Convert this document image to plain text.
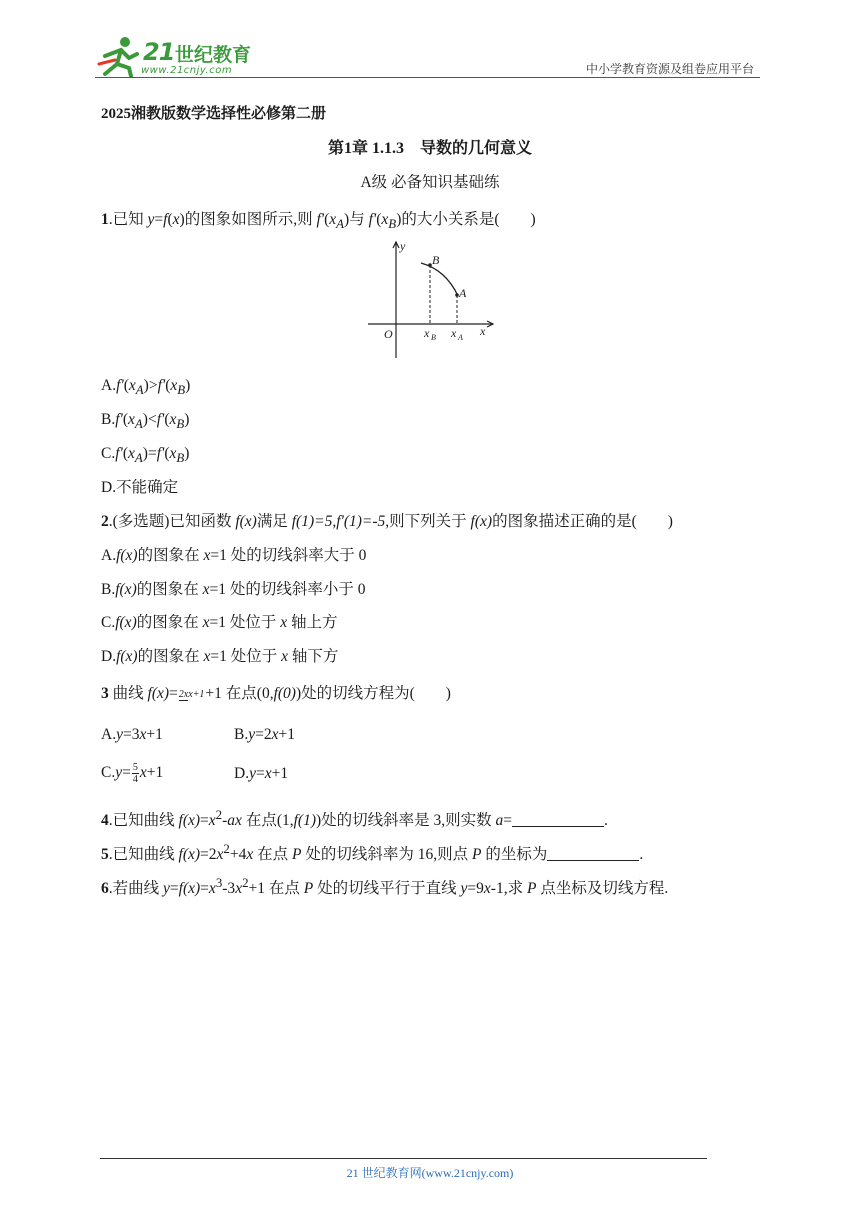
21 世纪教育
www.21cnjy.com	中小学教育资源及组卷应用平台
2025湘教版数学选择性必修第二册
第1章 1.1.3　导数的几何意义
A级 必备知识基础练
1.已知 y=f(x)的图象如图所示,则 $f'(x_A)$与 $f'(x_B)$的大小关系是(　　)
y
x
O
B
A
x B x A
$A.f'(x_A)>f'(x_B)$
$B.f'(x_A)<f'(x_B)$
$C.f'(x_A)=f'(x_B)$
D.不能确定
2.(多选题)已知函数 f(x)满足 f(1)=5,f'(1)=-5,则下列关于 f(x)的图象描述正确的是(　　)
A.f(x)的图象在 x=1 处的切线斜率大于 0
B.f(x)的图象在 x=1 处的切线斜率小于 0
C.f(x)的图象在 x=1 处位于 x 轴上方
D.f(x)的图象在 x=1 处位于 x 轴下方
3 曲线 f(x)=2xx+1+1 在点(0,f(0))处的切线方程为(　　)
A.y=3x+1	B.y=2x+1
$C.y= \frac{5}{4} x+1$	D.y=x+1
4.已知曲线 $f(x)=x^2-ax$ 在点(1,f(1))处的切线斜率是 3,则实数 a=	.
5.已知曲线 $f(x)=2x^2+4x$ 在点 P 处的切线斜率为 16,则点 P 的坐标为	.
6.若曲线 $y=f(x)=x^3-3x^2+1$ 在点 P 处的切线平行于直线 y=9x-1,求 P 点坐标及切线方程.
21 世纪教育网(www.21cnjy.com)
